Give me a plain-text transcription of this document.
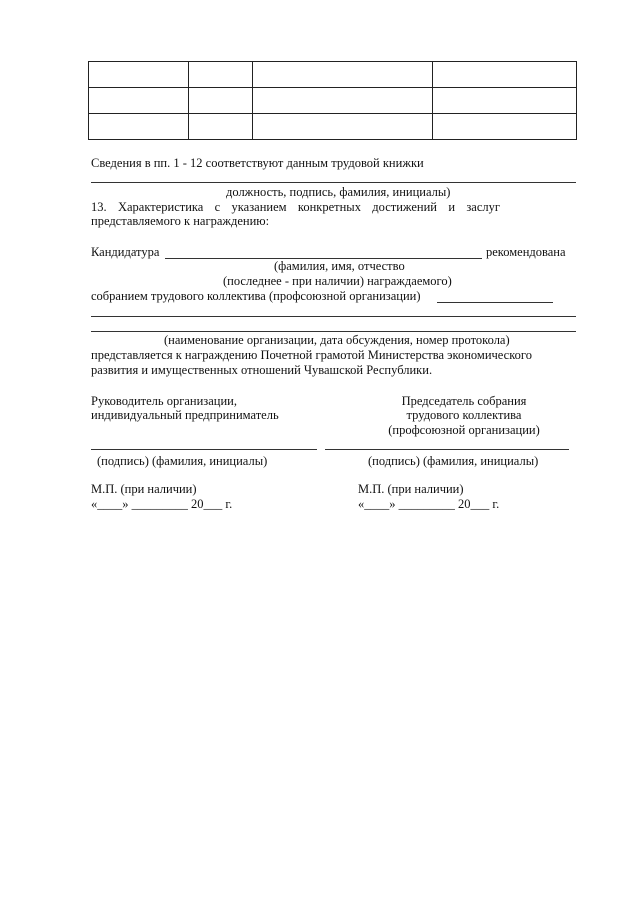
Сведения в пп. 1 - 12 соответствуют данным трудовой книжки
должность, подпись, фамилия, инициалы)
13. Характеристика с указанием конкретных достижений и заслуг
представляемого к награждению:
Кандидатура	рекомендована
(фамилия, имя, отчество
(последнее - при наличии) награждаемого)
собранием трудового коллектива (профсоюзной организации)
(наименование организации, дата обсуждения, номер протокола)
представляется к награждению Почетной грамотой Министерства экономического
развития и имущественных отношений Чувашской Республики.
Руководитель организации,
индивидуальный предприниматель
(подпись) (фамилия, инициалы)
М.П. (при наличии)
«____» _________ 20___ г.
Председатель собрания
трудового коллектива
(профсоюзной организации)
(подпись) (фамилия, инициалы)
М.П. (при наличии)
«____» _________ 20___ г.
